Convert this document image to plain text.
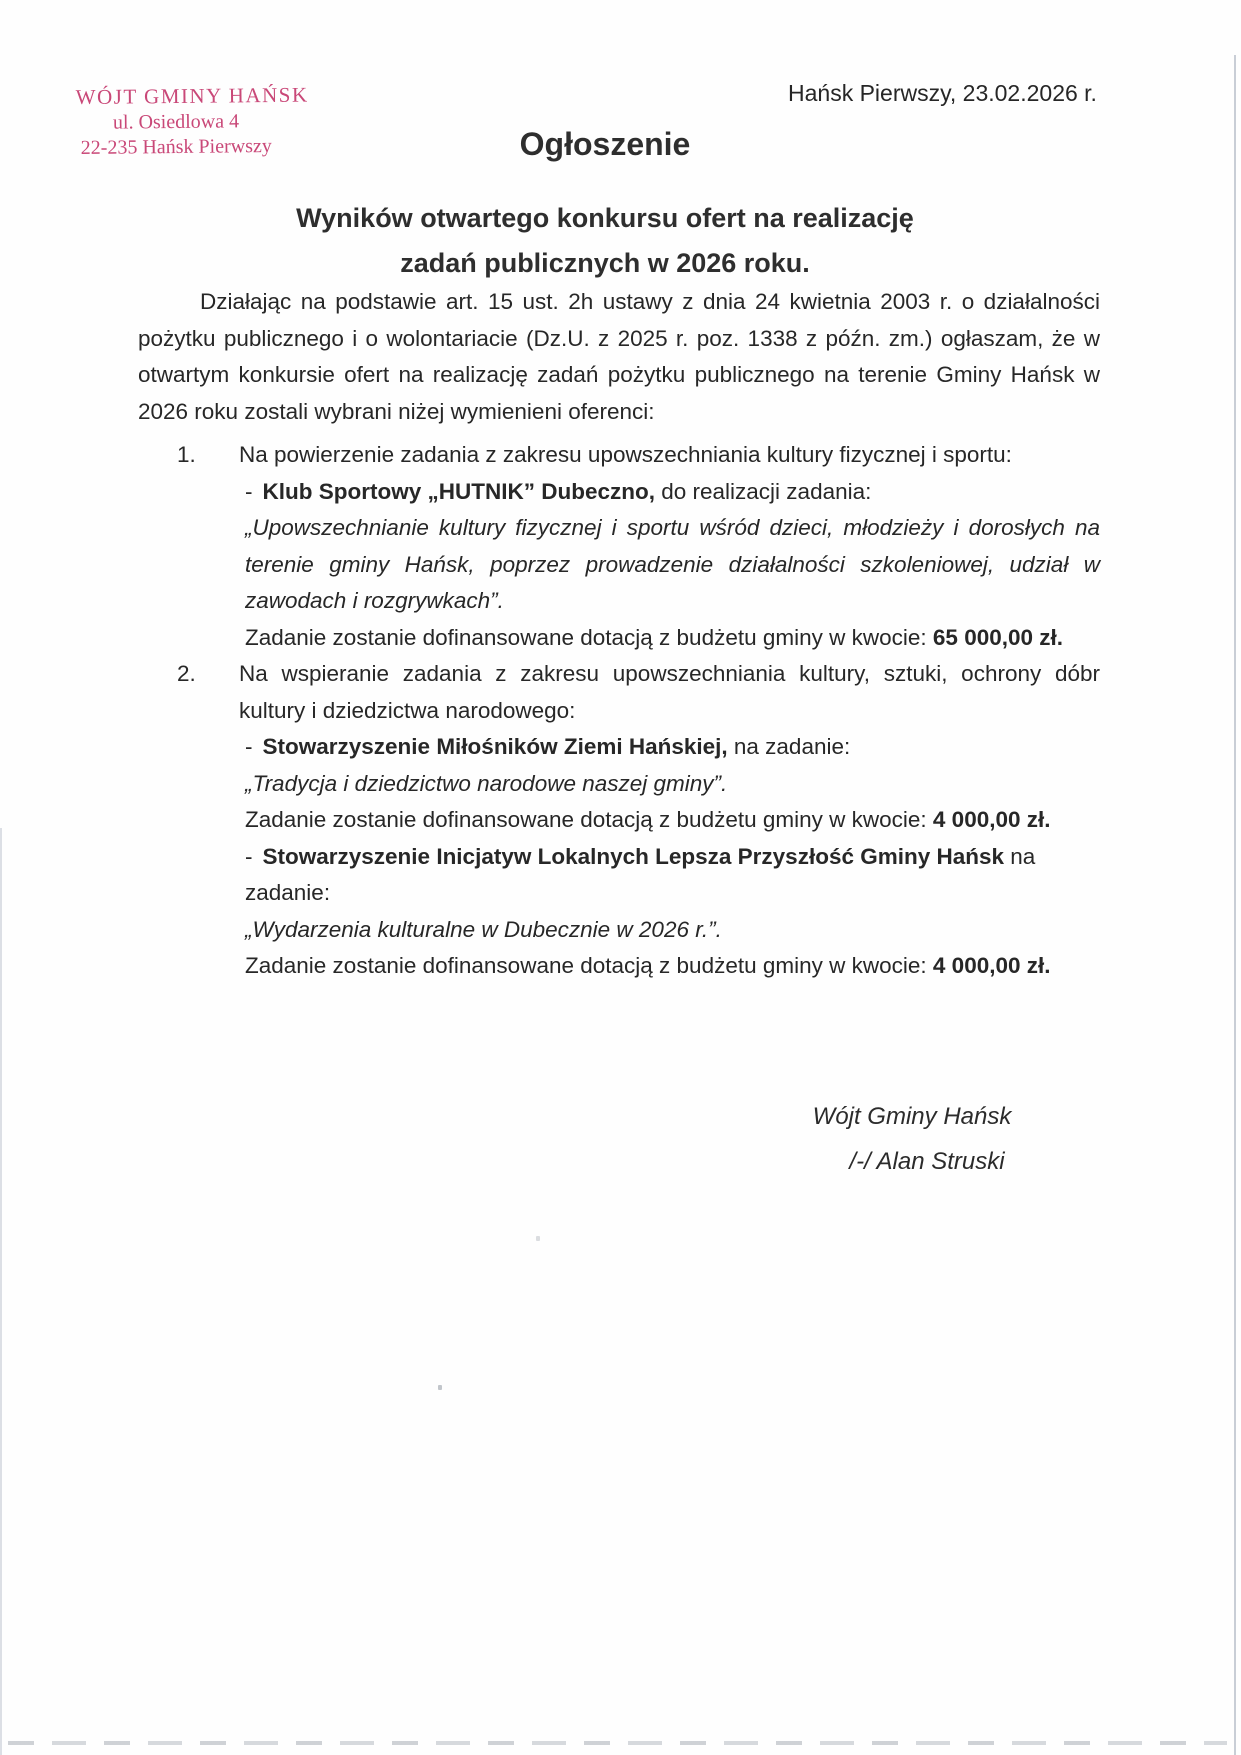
WÓJT GMINY HAŃSK
ul. Osiedlowa 4
22-235 Hańsk Pierwszy
Hańsk Pierwszy, 23.02.2026 r.
Ogłoszenie
Wyników otwartego konkursu ofert na realizację
zadań publicznych w 2026 roku.

Działając na podstawie art. 15 ust. 2h ustawy z dnia 24 kwietnia 2003 r. o działalności pożytku publicznego i o wolontariacie (Dz.U. z 2025 r. poz. 1338 z późn. zm.) ogłaszam, że w otwartym konkursie ofert na realizację zadań pożytku publicznego na terenie Gminy Hańsk w 2026 roku zostali wybrani niżej wymienieni oferenci:

1. Na powierzenie zadania z zakresu upowszechniania kultury fizycznej i sportu:
- Klub Sportowy „HUTNIK” Dubeczno, do realizacji zadania:
„Upowszechnianie kultury fizycznej i sportu wśród dzieci, młodzieży i dorosłych na terenie gminy Hańsk, poprzez prowadzenie działalności szkoleniowej, udział w zawodach i rozgrywkach”.
Zadanie zostanie dofinansowane dotacją z budżetu gminy w kwocie: 65 000,00 zł.
2. Na wspieranie zadania z zakresu upowszechniania kultury, sztuki, ochrony dóbr kultury i dziedzictwa narodowego:
- Stowarzyszenie Miłośników Ziemi Hańskiej, na zadanie:
„Tradycja i dziedzictwo narodowe naszej gminy”.
Zadanie zostanie dofinansowane dotacją z budżetu gminy w kwocie: 4 000,00 zł.
- Stowarzyszenie Inicjatyw Lokalnych Lepsza Przyszłość Gminy Hańsk na zadanie:
„Wydarzenia kulturalne w Dubecznie w 2026 r.”.
Zadanie zostanie dofinansowane dotacją z budżetu gminy w kwocie: 4 000,00 zł.
Wójt Gminy Hańsk
/-/ Alan Struski
